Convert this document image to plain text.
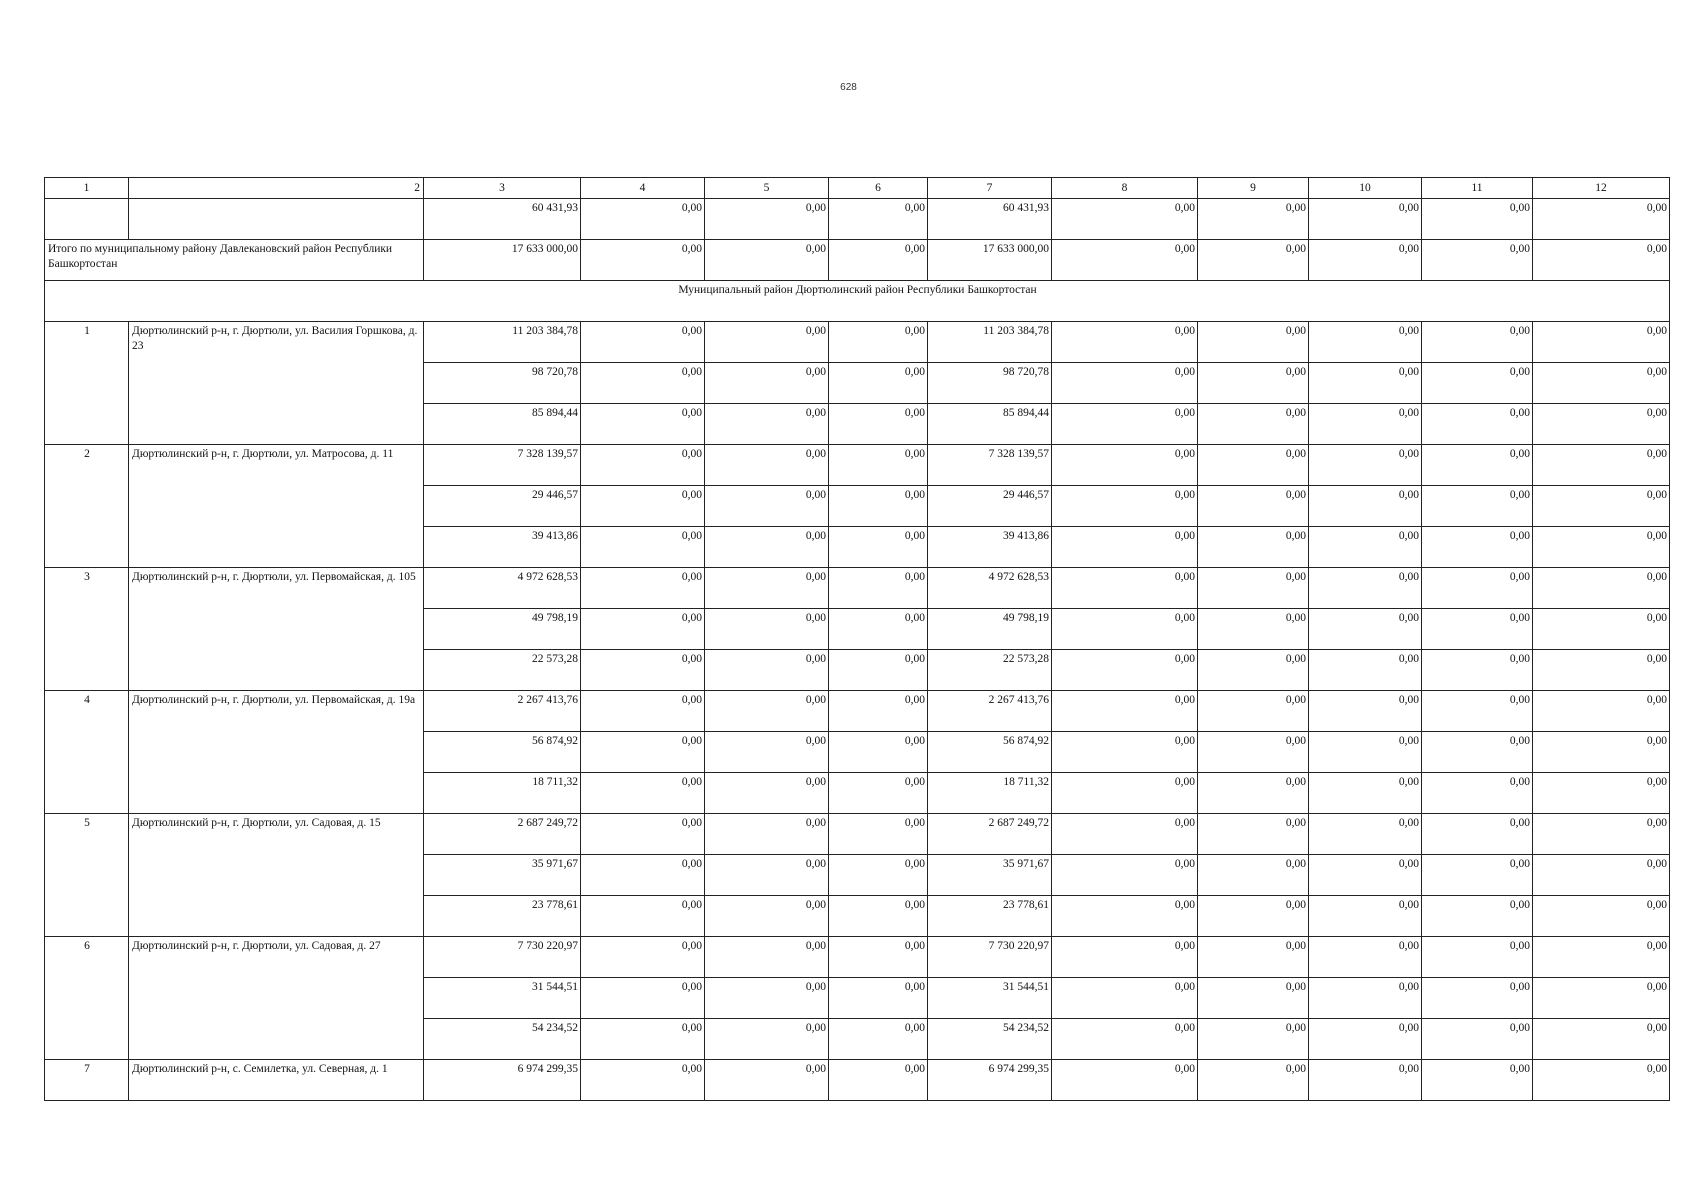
628
1	2	3	4	5	6	7	8	9	10	11	12
		60 431,93	0,00	0,00	0,00	60 431,93	0,00	0,00	0,00	0,00	0,00
Итого по муниципальному району Давлекановский район Республики Башкортостан		17 633 000,00	0,00	0,00	0,00	17 633 000,00	0,00	0,00	0,00	0,00	0,00
Муниципальный район Дюртюлинский район Республики Башкортостан											
1	Дюртюлинский р-н, г. Дюртюли, ул. Василия Горшкова, д. 23	11 203 384,78	0,00	0,00	0,00	11 203 384,78	0,00	0,00	0,00	0,00	0,00
		98 720,78	0,00	0,00	0,00	98 720,78	0,00	0,00	0,00	0,00	0,00
		85 894,44	0,00	0,00	0,00	85 894,44	0,00	0,00	0,00	0,00	0,00
2	Дюртюлинский р-н, г. Дюртюли, ул. Матросова, д. 11	7 328 139,57	0,00	0,00	0,00	7 328 139,57	0,00	0,00	0,00	0,00	0,00
		29 446,57	0,00	0,00	0,00	29 446,57	0,00	0,00	0,00	0,00	0,00
		39 413,86	0,00	0,00	0,00	39 413,86	0,00	0,00	0,00	0,00	0,00
3	Дюртюлинский р-н, г. Дюртюли, ул. Первомайская, д. 105	4 972 628,53	0,00	0,00	0,00	4 972 628,53	0,00	0,00	0,00	0,00	0,00
		49 798,19	0,00	0,00	0,00	49 798,19	0,00	0,00	0,00	0,00	0,00
		22 573,28	0,00	0,00	0,00	22 573,28	0,00	0,00	0,00	0,00	0,00
4	Дюртюлинский р-н, г. Дюртюли, ул. Первомайская, д. 19а	2 267 413,76	0,00	0,00	0,00	2 267 413,76	0,00	0,00	0,00	0,00	0,00
		56 874,92	0,00	0,00	0,00	56 874,92	0,00	0,00	0,00	0,00	0,00
		18 711,32	0,00	0,00	0,00	18 711,32	0,00	0,00	0,00	0,00	0,00
5	Дюртюлинский р-н, г. Дюртюли, ул. Садовая, д. 15	2 687 249,72	0,00	0,00	0,00	2 687 249,72	0,00	0,00	0,00	0,00	0,00
		35 971,67	0,00	0,00	0,00	35 971,67	0,00	0,00	0,00	0,00	0,00
		23 778,61	0,00	0,00	0,00	23 778,61	0,00	0,00	0,00	0,00	0,00
6	Дюртюлинский р-н, г. Дюртюли, ул. Садовая, д. 27	7 730 220,97	0,00	0,00	0,00	7 730 220,97	0,00	0,00	0,00	0,00	0,00
		31 544,51	0,00	0,00	0,00	31 544,51	0,00	0,00	0,00	0,00	0,00
		54 234,52	0,00	0,00	0,00	54 234,52	0,00	0,00	0,00	0,00	0,00
7	Дюртюлинский р-н, с. Семилетка, ул. Северная, д. 1	6 974 299,35	0,00	0,00	0,00	6 974 299,35	0,00	0,00	0,00	0,00	0,00
